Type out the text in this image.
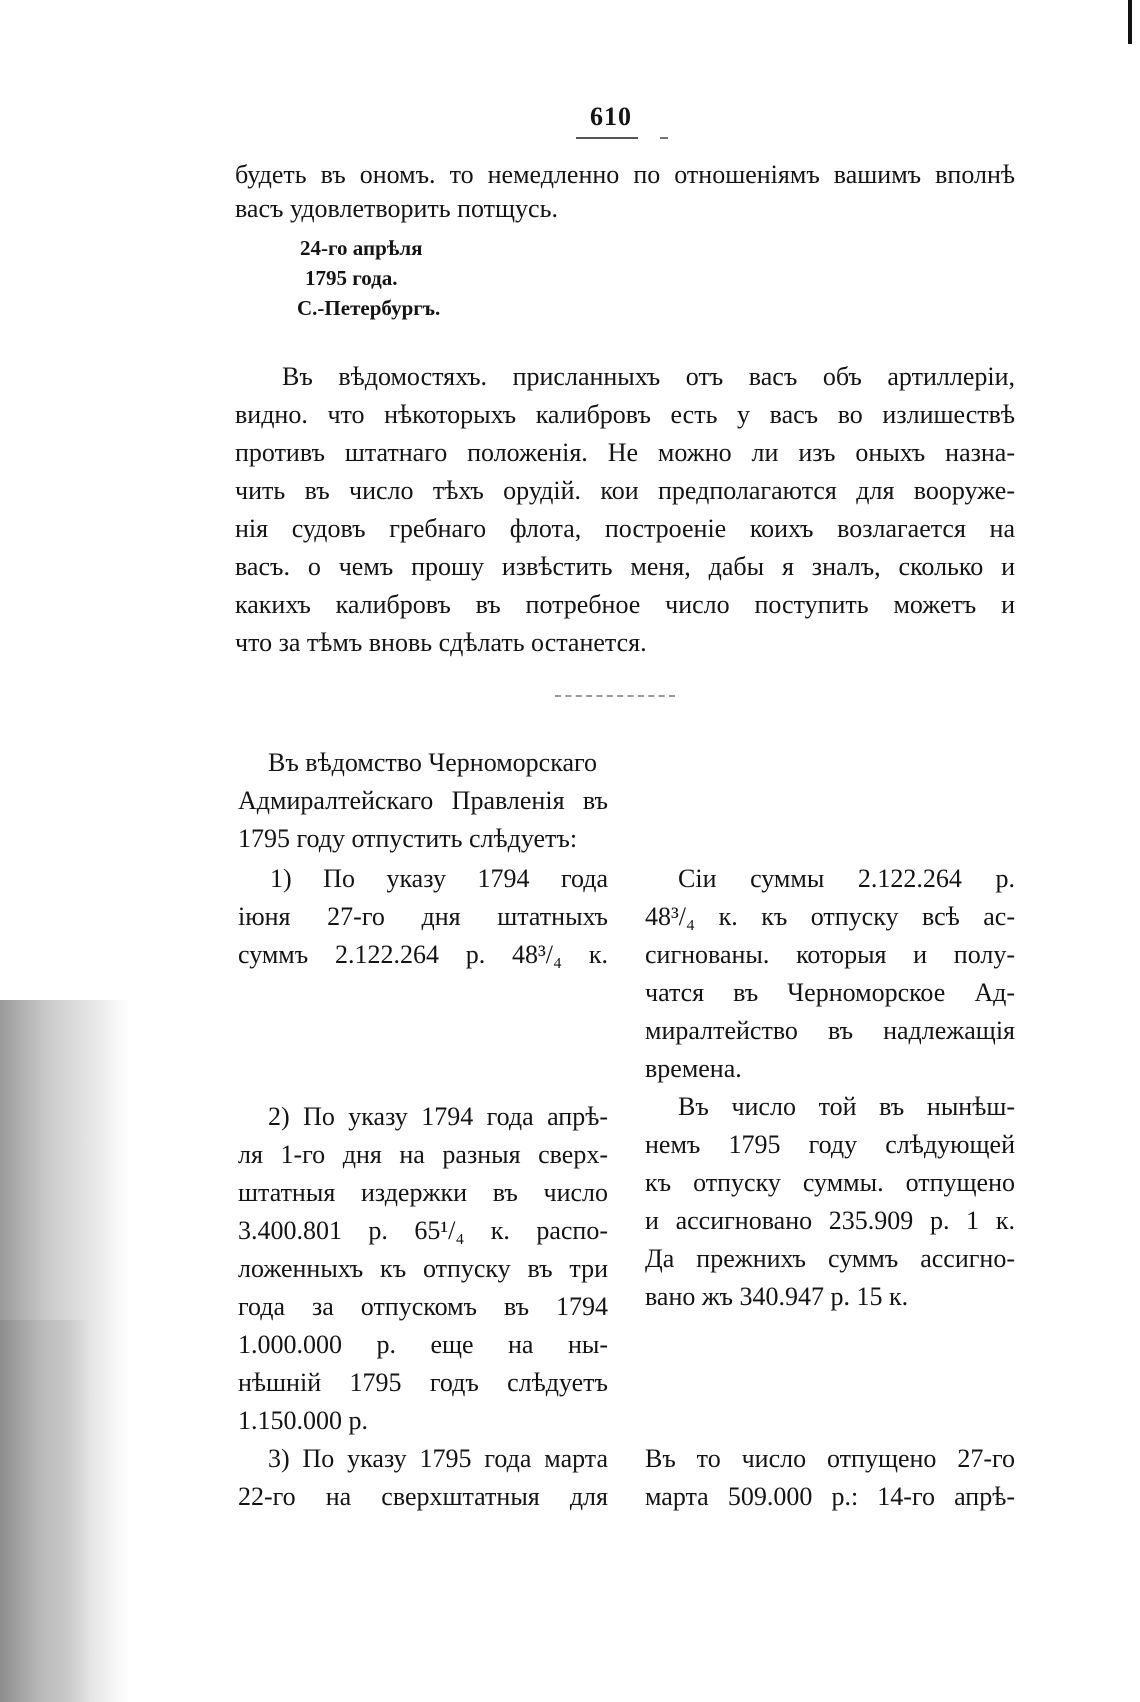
610
будеть въ ономъ. то немедленно по отношеніямъ вашимъ вполнѣ
васъ удовлетворить потщусь.
24-го апрѣля
1795 года.
С.-Петербургъ.
Въ вѣдомостяхъ. присланныхъ отъ васъ объ артиллеріи,
видно. что нѣкоторыхъ калибровъ есть у васъ во излишествѣ
противъ штатнаго положенія. Не можно ли изъ оныхъ назна-
чить въ число тѣхъ орудій. кои предполагаются для вооруже-
нія судовъ гребнаго флота, построеніе коихъ возлагается на
васъ. о чемъ прошу извѣстить меня, дабы я зналъ, сколько и
какихъ калибровъ въ потребное число поступить можетъ и
что за тѣмъ вновь сдѣлать останется.
Въ вѣдомство Черноморскаго
Адмиралтейскаго Правленія въ
1795 году отпустить слѣдуетъ:
1) По указу 1794 года
іюня 27-го дня штатныхъ
суммъ 2.122.264 р. 48³/₄ к.
2) По указу 1794 года апрѣ-
ля 1-го дня на разныя сверх-
штатныя издержки въ число
3.400.801 р. 65¹/₄ к. распо-
ложенныхъ къ отпуску въ три
года за отпускомъ въ 1794
1.000.000 р. еще на ны-
нѣшній 1795 годъ слѣдуетъ
1.150.000 р.
3) По указу 1795 года марта
22-го на сверхштатныя для
Сіи суммы 2.122.264 р.
48³/₄ к. къ отпуску всѣ ас-
сигнованы. которыя и полу-
чатся въ Черноморское Ад-
миралтейство въ надлежащія
времена.
Въ число той въ нынѣш-
немъ 1795 году слѣдующей
къ отпуску суммы. отпущено
и ассигновано 235.909 р. 1 к.
Да прежнихъ суммъ ассигно-
вано жъ 340.947 р. 15 к.
Въ то число отпущено 27-го
марта 509.000 р.: 14-го апрѣ-
